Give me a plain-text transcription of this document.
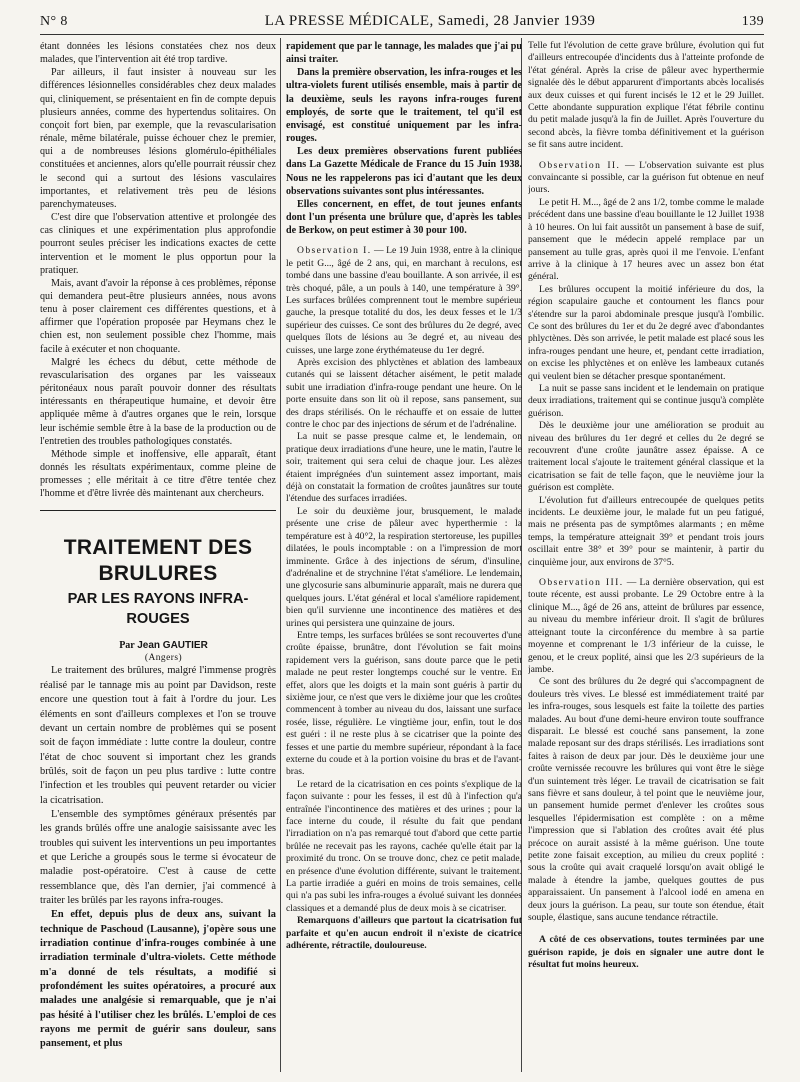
N° 8	LA PRESSE MÉDICALE, Samedi, 28 Janvier 1939	139

étant données les lésions constatées chez nos deux malades, que l'intervention ait été trop tardive.

Par ailleurs, il faut insister à nouveau sur les différences lésionnelles considérables chez deux malades qui, cliniquement, se présentaient en fin de compte depuis plusieurs années, comme des hypertendus solitaires. On conçoit fort bien, par exemple, que la revascularisation rénale, même bilatérale, puisse échouer chez le premier, qui a de nombreuses lésions glomérulo-épithéliales constituées et anciennes, alors qu'elle pourrait réussir chez le second qui a surtout des lésions vasculaires importantes, et relativement très peu de lésions parenchymateuses.

C'est dire que l'observation attentive et prolongée des cas cliniques et une expérimentation plus approfondie pourront seules préciser les indications exactes de cette intervention et le moment le plus opportun pour la pratiquer.

Mais, avant d'avoir la réponse à ces problèmes, réponse qui demandera peut-être plusieurs années, nous avons tenu à poser clairement ces différentes questions, et à affirmer que l'opération proposée par Heymans chez le chien est, non seulement possible chez l'homme, mais facile à exécuter et non choquante.

Malgré les échecs du début, cette méthode de revascularisation des organes par les vaisseaux péritonéaux nous paraît pouvoir donner des résultats intéressants en thérapeutique humaine, et devoir être appliquée même à d'autres organes que le rein, lorsque leur ischémie semble être à la base de la production ou de l'entretien des troubles pathologiques constatés.

Méthode simple et inoffensive, elle apparaît, étant donnés les résultats expérimentaux, comme pleine de promesses ; elle méritait à ce titre d'être tentée chez l'homme et d'être livrée dès maintenant aux chercheurs.

TRAITEMENT DES BRULURES
PAR LES RAYONS INFRA-ROUGES

Par Jean GAUTIER

(Angers)

Le traitement des brûlures, malgré l'immense progrès réalisé par le tannage mis au point par Davidson, reste encore une question tout à fait à l'ordre du jour. Les éléments en sont d'ailleurs complexes et l'on se trouve devant un certain nombre de problèmes qui se posent soit de façon immédiate : lutte contre la douleur, contre l'état de choc souvent si important chez les grands brûlés, soit de façon un peu plus tardive : lutte contre l'infection et les troubles qui peuvent retarder ou vicier la cicatrisation.

L'ensemble des symptômes généraux présentés par les grands brûlés offre une analogie saisissante avec les troubles qui suivent les interventions un peu importantes et que Leriche a groupés sous le terme si évocateur de maladie post-opératoire. C'est à cause de cette ressemblance que, dès l'an dernier, j'ai commencé à traiter les brûlés par les rayons infra-rouges.

En effet, depuis plus de deux ans, suivant la technique de Paschoud (Lausanne), j'opère sous une irradiation continue d'infra-rouges combinée à une irradiation terminale d'ultra-violets. Cette méthode m'a donné de tels résultats, a modifié si profondément les suites opératoires, a procuré aux malades une analgésie si remarquable, que je n'ai pas hésité à l'utiliser chez les brûlés. L'emploi de ces rayons me permit de guérir sans douleur, sans pansement, et plus

rapidement que par le tannage, les malades que j'ai pu ainsi traiter.

Dans la première observation, les infra-rouges et les ultra-violets furent utilisés ensemble, mais à partir de la deuxième, seuls les rayons infra-rouges furent employés, de sorte que le traitement, tel qu'il est envisagé, est constitué uniquement par les infra-rouges.

Les deux premières observations furent publiées dans La Gazette Médicale de France du 15 Juin 1938. Nous ne les rappelerons pas ici d'autant que les deux observations suivantes sont plus intéressantes.

Elles concernent, en effet, de tout jeunes enfants dont l'un présenta une brûlure que, d'après les tables de Berkow, on peut estimer à 30 pour 100.

Observation I. — Le 19 Juin 1938, entre à la clinique le petit G..., âgé de 2 ans, qui, en marchant à reculons, est tombé dans une bassine d'eau bouillante. A son arrivée, il est très choqué, pâle, a un pouls à 140, une température à 39°. Les surfaces brûlées comprennent tout le membre supérieur gauche, la presque totalité du dos, les deux fesses et le 1/3 supérieur des cuisses. Ce sont des brûlures du 2e degré, avec quelques îlots de lésions au 3e degré et, au niveau des cuisses, une large zone érythémateuse du 1er degré.

Après excision des phlyctènes et ablation des lambeaux cutanés qui se laissent détacher aisément, le petit malade subit une irradiation d'infra-rouge pendant une heure. On le porte ensuite dans son lit où il repose, sans pansement, sur des draps stérilisés. On le réchauffe et on essaie de lutter contre le choc par des injections de sérum et de l'adrénaline.

La nuit se passe presque calme et, le lendemain, on pratique deux irradiations d'une heure, une le matin, l'autre le soir, traitement qui sera celui de chaque jour. Les alèzes étaient imprégnées d'un suintement assez important, mais déjà on constatait la formation de croûtes jaunâtres sur toute l'étendue des surfaces irradiées.

Le soir du deuxième jour, brusquement, le malade présente une crise de pâleur avec hyperthermie : la température est à 40°2, la respiration stertoreuse, les pupilles dilatées, le pouls incomptable : on a l'impression de mort imminente. Grâce à des injections de sérum, d'insuline, d'adrénaline et de strychnine l'état s'améliore. Le lendemain, une glycosurie sans albuminurie apparaît, mais ne durera que quelques jours. L'état général et local s'améliore rapidement, bien qu'il survienne une incontinence des matières et des urines qui persistera une quinzaine de jours.

Entre temps, les surfaces brûlées se sont recouvertes d'une croûte épaisse, brunâtre, dont l'évolution se fait moins rapidement vers la guérison, sans doute parce que le petit malade ne peut rester longtemps couché sur le ventre. En effet, alors que les doigts et la main sont guéris à partir du sixième jour, ce n'est que vers le dixième jour que les croûtes commencent à tomber au niveau du dos, laissant une surface rosée, lisse, régulière. Le vingtième jour, enfin, tout le dos est guéri : il ne reste plus à se cicatriser que la pointe des fesses et une partie du membre supérieur, répondant à la face externe du coude et à la portion voisine du bras et de l'avant-bras.

Le retard de la cicatrisation en ces points s'explique de la façon suivante : pour les fesses, il est dû à l'infection qu'a entraînée l'incontinence des matières et des urines ; pour la face interne du coude, il résulte du fait que pendant l'irradiation on n'a pas remarqué tout d'abord que cette partie brûlée ne recevait pas les rayons, cachée qu'elle était par la proximité du tronc. On se trouve donc, chez ce petit malade, en présence d'une évolution différente, suivant le traitement. La partie irradiée a guéri en moins de trois semaines, celle qui n'a pas subi les infra-rouges a évolué suivant les données classiques et a demandé plus de deux mois à se cicatriser.

Remarquons d'ailleurs que partout la cicatrisation fut parfaite et qu'en aucun endroit il n'existe de cicatrice adhérente, rétractile, douloureuse.

Telle fut l'évolution de cette grave brûlure, évolution qui fut d'ailleurs entrecoupée d'incidents dus à l'atteinte profonde de l'état général. Après la crise de pâleur avec hyperthermie signalée dès le début apparurent d'importants abcès localisés aux deux cuisses et qui furent incisés le 12 et le 29 Juillet. Cette abondante suppuration explique l'état fébrile continu du petit malade jusqu'à la fin de Juillet. Après l'ouverture du second abcès, la fièvre tomba définitivement et la guérison se fit sans autre incident.

Observation II. — L'observation suivante est plus convaincante si possible, car la guérison fut obtenue en neuf jours.

Le petit H. M..., âgé de 2 ans 1/2, tombe comme le malade précédent dans une bassine d'eau bouillante le 12 Juillet 1938 à 10 heures. On lui fait aussitôt un pansement à base de suif, pansement que le médecin appelé remplace par un pansement au tulle gras, après quoi il me l'envoie. L'enfant arrive à la clinique à 17 heures avec un assez bon état général.

Les brûlures occupent la moitié inférieure du dos, la région scapulaire gauche et contournent les flancs pour s'étendre sur la paroi abdominale presque jusqu'à l'ombilic. Ce sont des brûlures du 1er et du 2e degré avec d'abondantes phlyctènes. Dès son arrivée, le petit malade est placé sous les infra-rouges pendant une heure, et, pendant cette irradiation, on excise les phlyctènes et on enlève les lambeaux cutanés qui veulent bien se détacher presque spontanément.

La nuit se passe sans incident et le lendemain on pratique deux irradiations, traitement qui se continue jusqu'à complète guérison.

Dès le deuxième jour une amélioration se produit au niveau des brûlures du 1er degré et celles du 2e degré se recouvrent d'une croûte jaunâtre assez épaisse. A ce traitement local s'ajoute le traitement général classique et la cicatrisation se fait de telle façon, que le neuvième jour la guérison est complète.

L'évolution fut d'ailleurs entrecoupée de quelques petits incidents. Le deuxième jour, le malade fut un peu fatigué, mais ne présenta pas de symptômes alarmants ; en même temps, la température atteignait 39° et pendant trois jours oscillait entre 38° et 39° pour se maintenir, à partir du cinquième jour, aux environs de 37°5.

Observation III. — La dernière observation, qui est toute récente, est aussi probante. Le 29 Octobre entre à la clinique M..., âgé de 26 ans, atteint de brûlures par essence, au niveau du membre inférieur droit. Il s'agit de brûlures atteignant toute la circonférence du membre à sa partie moyenne et comprenant le 1/3 inférieur de la cuisse, le genou, et le creux poplité, ainsi que les 2/3 supérieurs de la jambe.

Ce sont des brûlures du 2e degré qui s'accompagnent de douleurs très vives. Le blessé est immédiatement traité par les infra-rouges, sous lesquels est faite la toilette des parties malades. Au bout d'une demi-heure environ toute souffrance disparait. Le blessé est couché sans pansement, la zone malade reposant sur des draps stérilisés. Les irradiations sont faites à raison de deux par jour. Dès le deuxième jour une croûte vernissée recouvre les brûlures qui vont être le siège d'un suintement très léger. Le travail de cicatrisation se fait sans fièvre et sans douleur, à tel point que le neuvième jour, un pansement humide permet d'enlever les croûtes sous lesquelles l'épidermisation est complète : on a même l'impression que si l'ablation des croûtes avait été plus précoce on aurait assisté à la même guérison. Une toute petite zone faisait exception, au milieu du creux poplité : sous la croûte qui avait craquelé lorsqu'on avait obligé le malade à étendre la jambe, quelques gouttes de pus apparaissaient. Un pansement à l'alcool iodé en amena en deux jours la guérison. La peau, sur toute son étendue, était souple, élastique, sans aucune tendance rétractile.

A côté de ces observations, toutes terminées par une guérison rapide, je dois en signaler une autre dont le résultat fut moins heureux.
